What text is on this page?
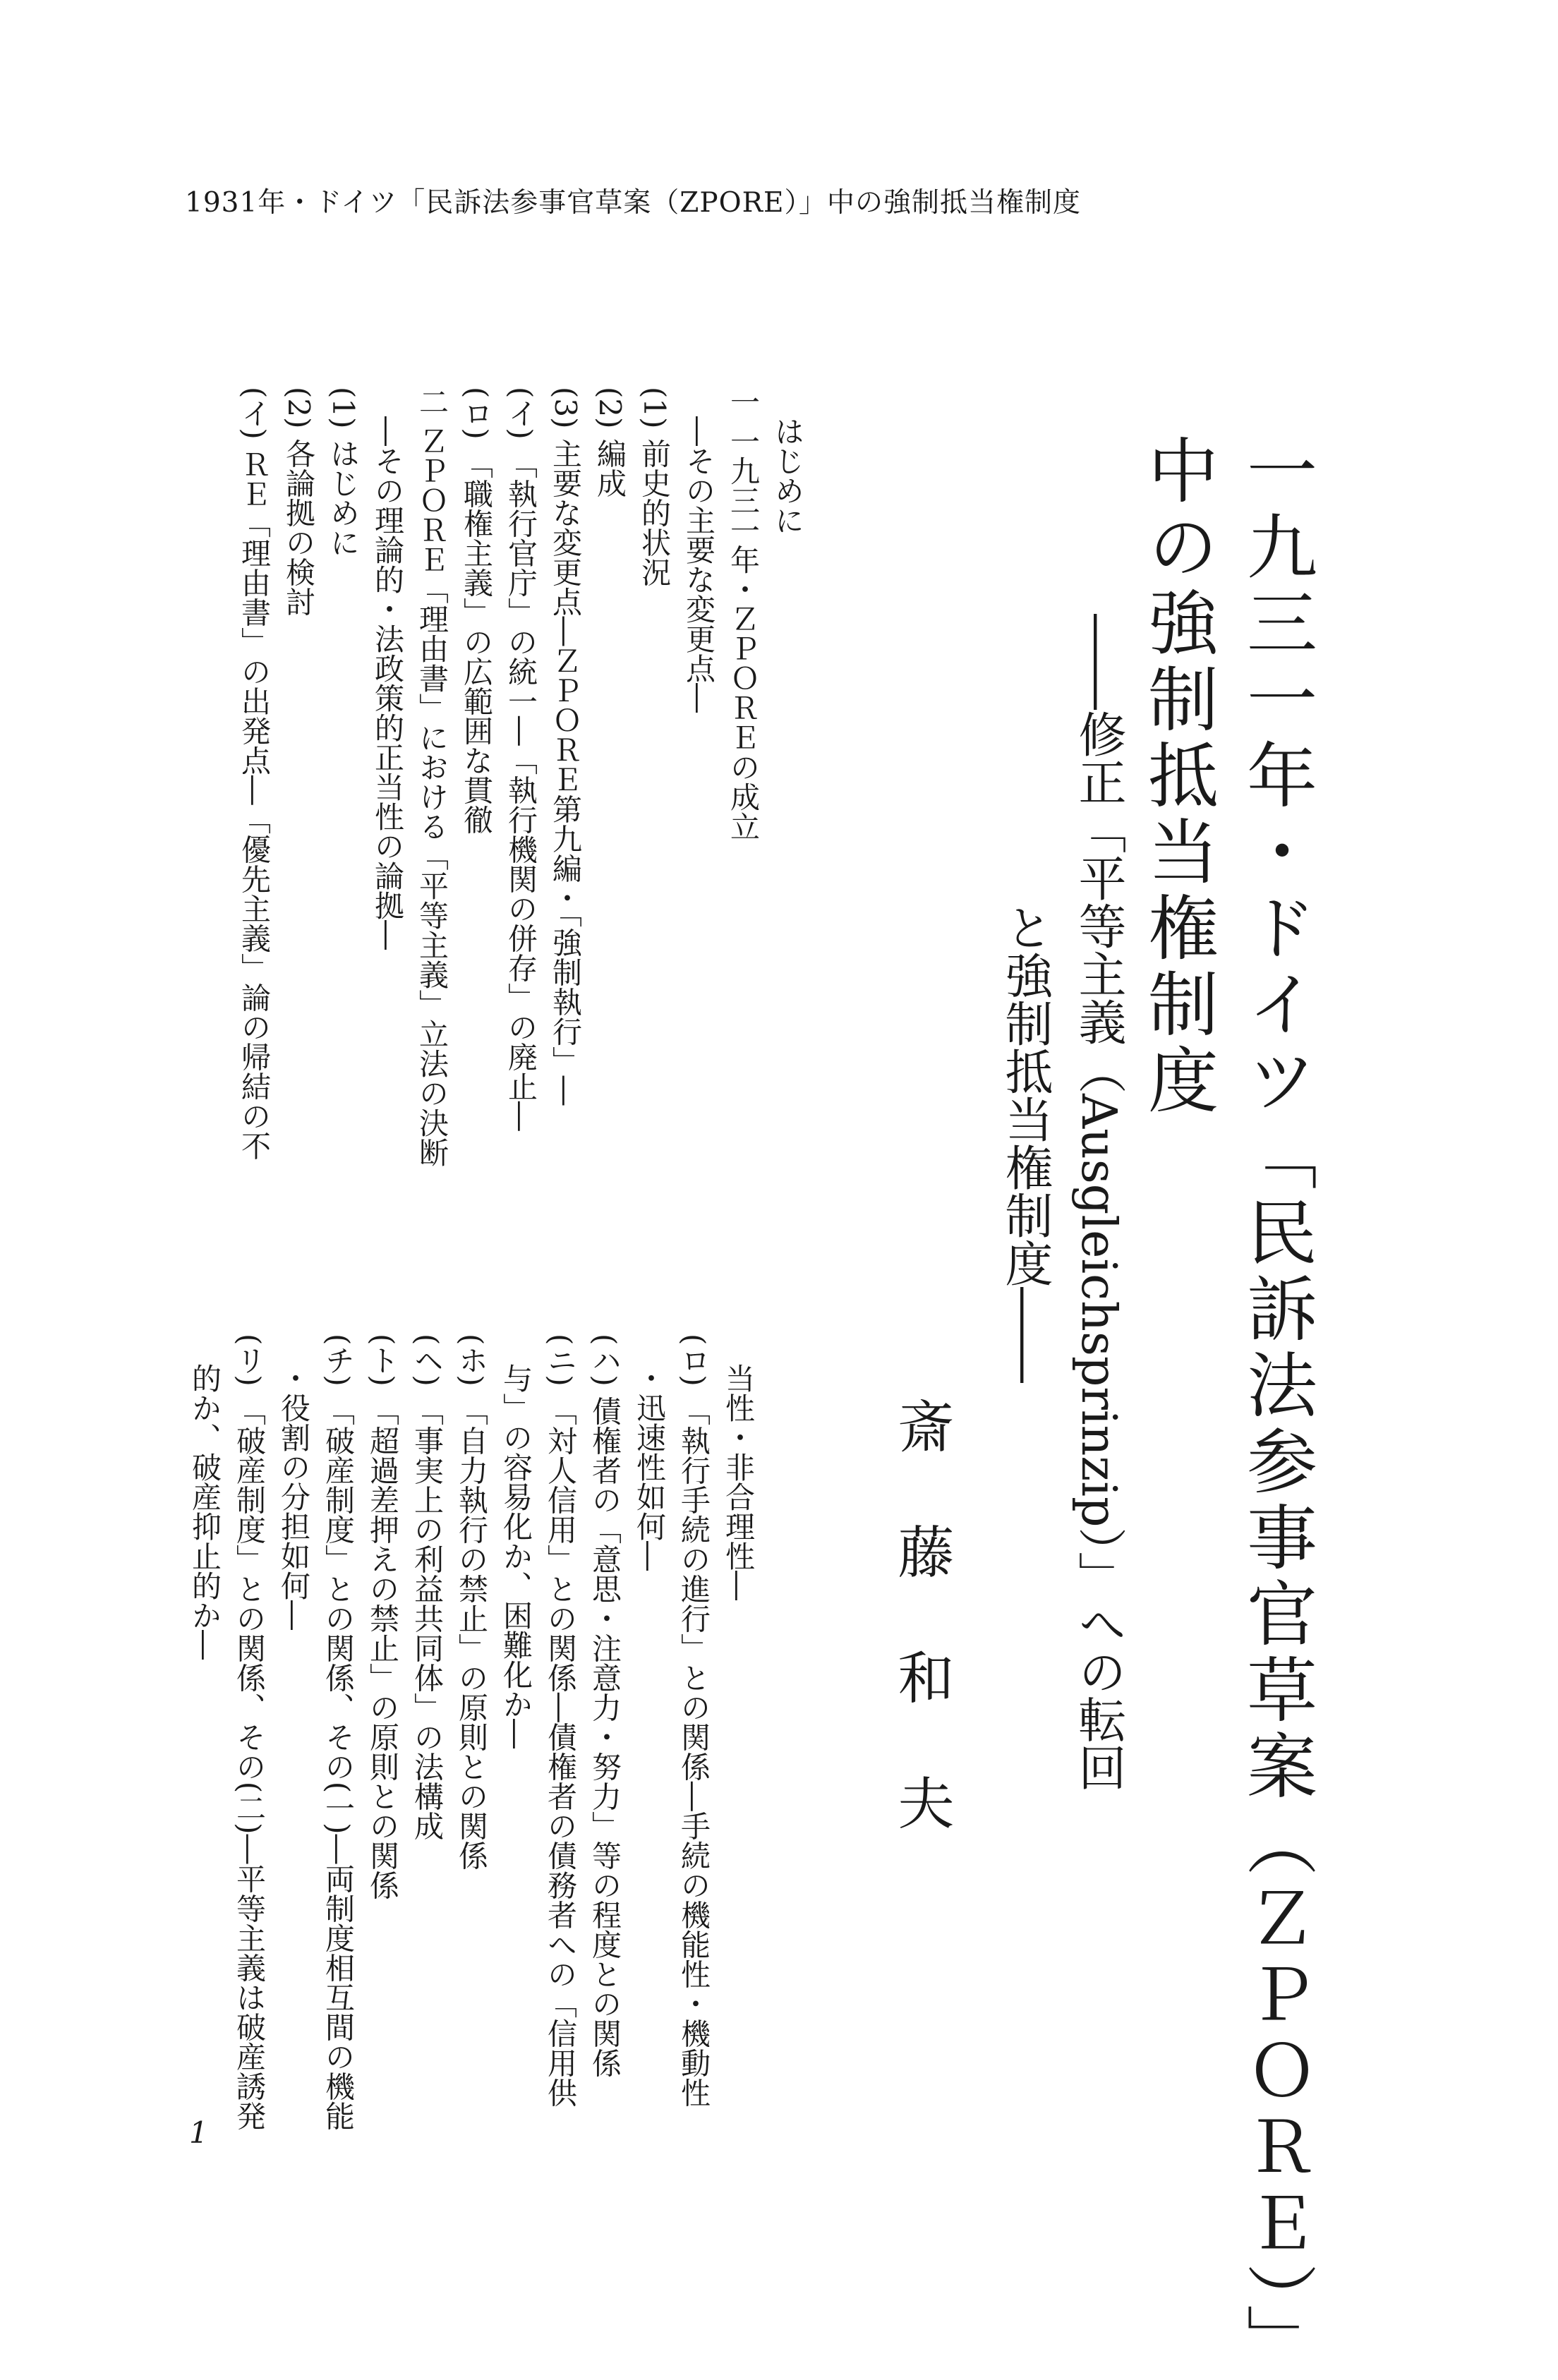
1931年・ドイツ「民訴法参事官草案（ZPORE）」中の強制抵当権制度
一九三一年・ドイツ「民訴法参事官草案（ＺＰＯＲＥ）」
中の強制抵当権制度
――修正「平等主義（Ausgleichsprinzip）」への転回
と強制抵当権制度――
斎藤和夫
はじめに
一一九三一年・ＺＰＯＲＥの成立
―その主要な変更点―
(1)前史的状況
(2)編成
(3)主要な変更点―ＺＰＯＲＥ第九編・「強制執行」―
(イ)「執行官庁」の統一―「執行機関の併存」の廃止―
(ロ)「職権主義」の広範囲な貫徹
二ＺＰＯＲＥ「理由書」における「平等主義」立法の決断
―その理論的・法政策的正当性の論拠―
(1)はじめに
(2)各論拠の検討
(イ)ＲＥ「理由書」の出発点―「優先主義」論の帰結の不
当性・非合理性―
(ロ)「執行手続の進行」との関係―手続の機能性・機動性
・迅速性如何―
(ハ)債権者の「意思・注意力・努力」等の程度との関係
(ニ)「対人信用」との関係―債権者の債務者への「信用供
与」の容易化か、困難化か―
(ホ)「自力執行の禁止」の原則との関係
(ヘ)「事実上の利益共同体」の法構成
(ト)「超過差押えの禁止」の原則との関係
(チ)「破産制度」との関係、その(一)―両制度相互間の機能
・役割の分担如何―
(リ)「破産制度」との関係、その(二)―平等主義は破産誘発
的か、破産抑止的か―
1
